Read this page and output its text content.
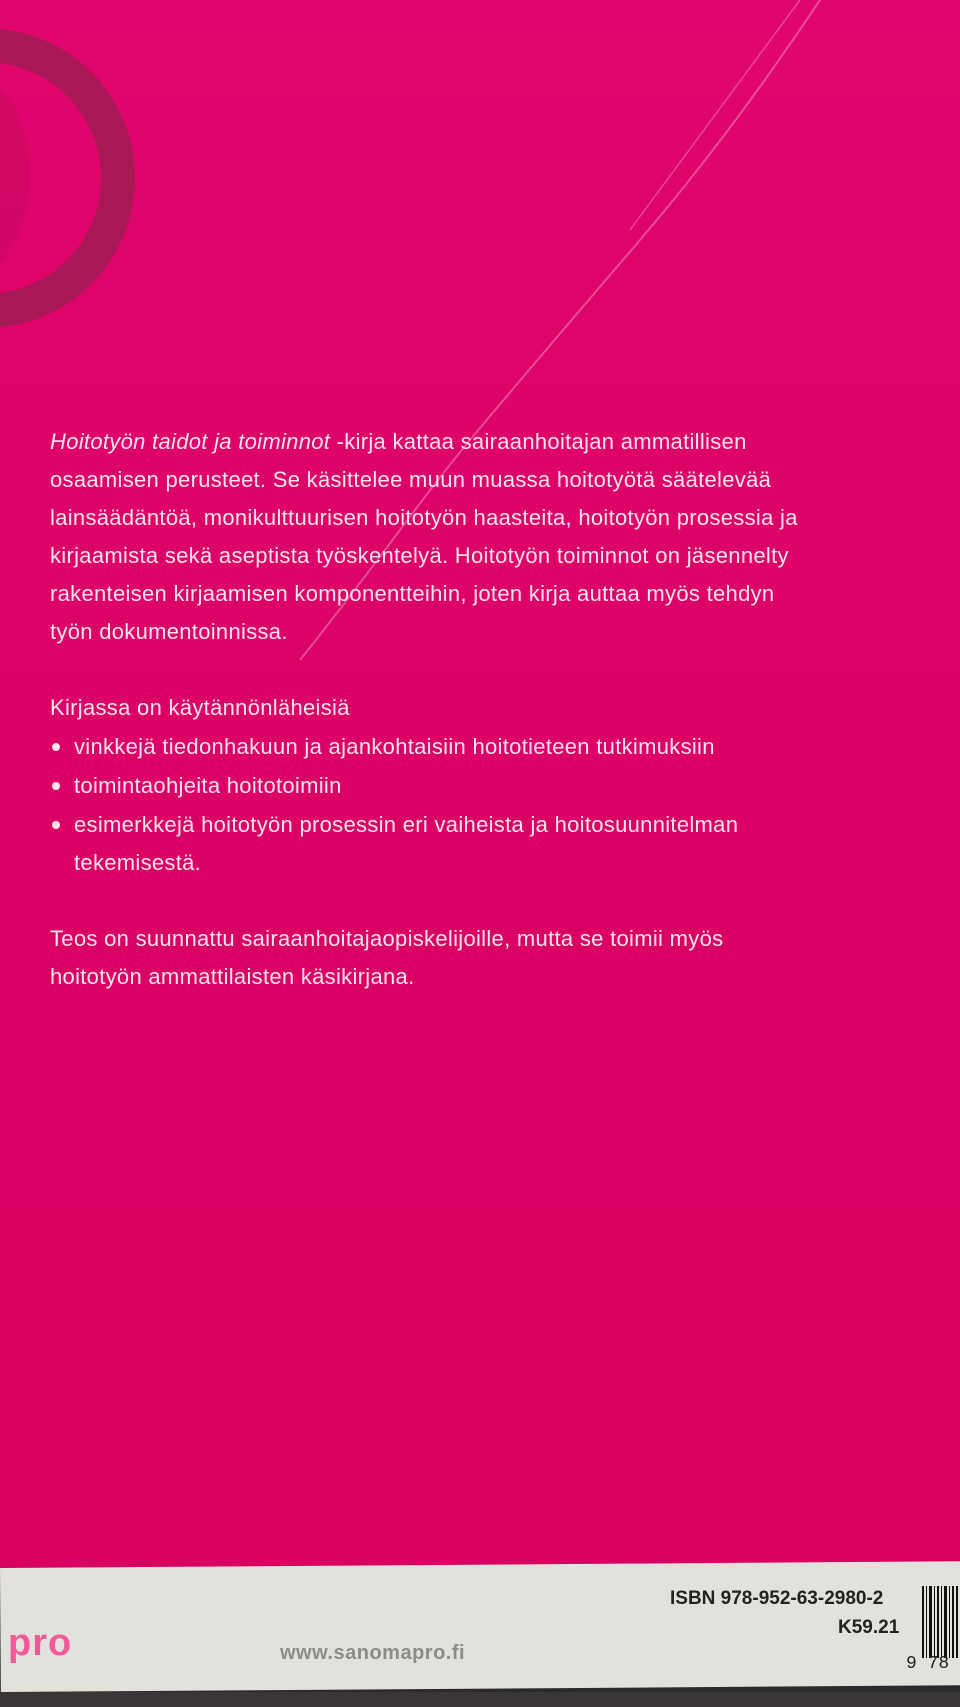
Hoitotyön taidot ja toiminnot -kirja kattaa sairaanhoitajan ammatillisen osaamisen perusteet. Se käsittelee muun muassa hoitotyötä säätelevää lainsäädäntöä, monikulttuurisen hoitotyön haasteita, hoitotyön prosessia ja kirjaamista sekä aseptista työskentelyä. Hoitotyön toiminnot on jäsennelty rakenteisen kirjaamisen komponentteihin, joten kirja auttaa myös tehdyn työn dokumentoinnissa.

Kirjassa on käytännönläheisiä

vinkkejä tiedonhakuun ja ajankohtaisiin hoitotieteen tutkimuksiin
toimintaohjeita hoitotoimiin
esimerkkejä hoitotyön prosessin eri vaiheista ja hoitosuunnitelman tekemisestä.

Teos on suunnattu sairaanhoitajaopiskelijoille, mutta se toimii myös hoitotyön ammattilaisten käsikirjana.

pro	www.sanomapro.fi
ISBN 978-952-63-2980-2
K59.21
9 78
